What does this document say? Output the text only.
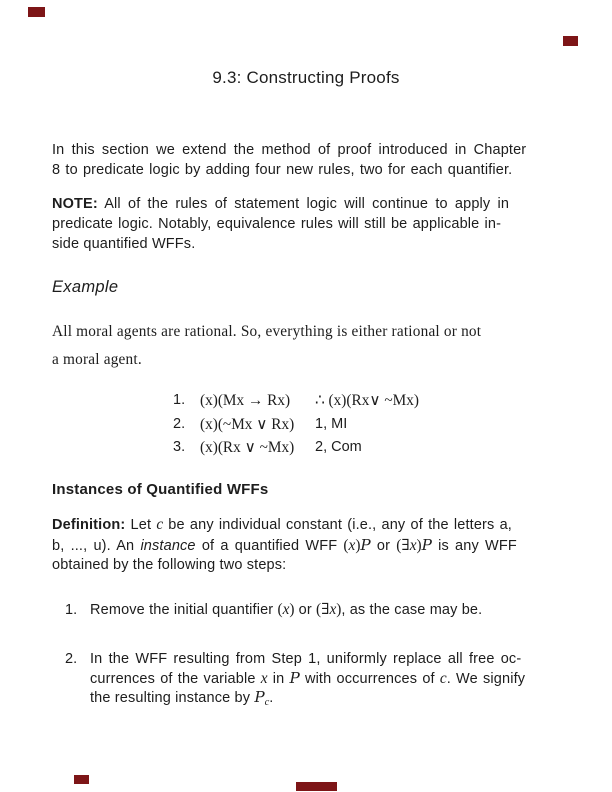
9.3: Constructing Proofs
In this section we extend the method of proof introduced in Chapter
8 to predicate logic by adding four new rules, two for each quantifier.
NOTE: All of the rules of statement logic will continue to apply in
predicate logic. Notably, equivalence rules will still be applicable in-
side quantified WFFs.
Example
All moral agents are rational. So, everything is either rational or not
a moral agent.
1. (x)(Mx → Rx)	∴ (x)(Rx∨ ~Mx)
2. (x)(~Mx ∨ Rx)	1, MI
3. (x)(Rx ∨ ~Mx)	2, Com
Instances of Quantified WFFs
Definition: Let c be any individual constant (i.e., any of the letters a,
b, ..., u). An instance of a quantified WFF (x)P or (∃x)P is any WFF
obtained by the following two steps:
1. Remove the initial quantifier (x) or (∃x), as the case may be.
2. In the WFF resulting from Step 1, uniformly replace all free oc-
currences of the variable x in P with occurrences of c. We signify
the resulting instance by $P_c$.
